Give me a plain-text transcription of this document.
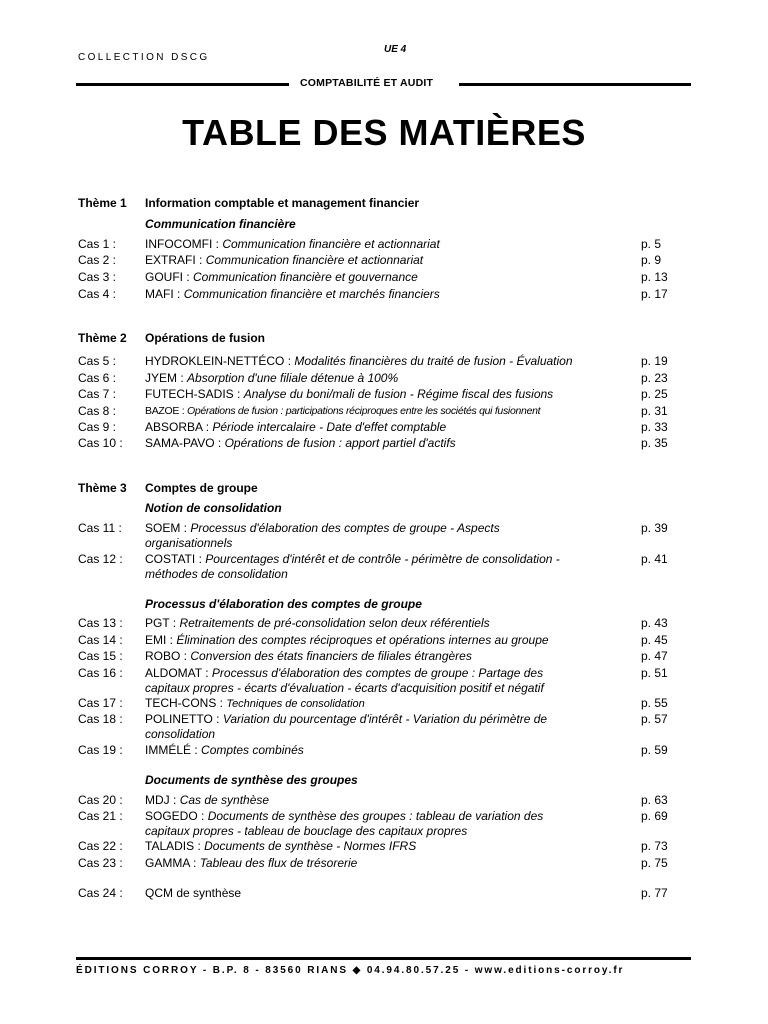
COLLECTION DSCG
UE 4
COMPTABILITÉ ET AUDIT
TABLE DES MATIÈRES
Thème 1 Information comptable et management financier
Communication financière
Cas 1 : INFOCOMFI : Communication financière et actionnariat	p. 5
Cas 2 : EXTRAFI : Communication financière et actionnariat	p. 9
Cas 3 : GOUFI : Communication financière et gouvernance	p. 13
Cas 4 : MAFI : Communication financière et marchés financiers	p. 17
Thème 2 Opérations de fusion
Cas 5 : HYDROKLEIN-NETTÉCO : Modalités financières du traité de fusion - Évaluation	p. 19
Cas 6 : JYEM : Absorption d'une filiale détenue à 100%	p. 23
Cas 7 : FUTECH-SADIS : Analyse du boni/mali de fusion - Régime fiscal des fusions	p. 25
Cas 8 :	BAZOE : Opérations de fusion : participations réciproques entre les sociétés qui fusionnent	p. 31
Cas 9 : ABSORBA : Période intercalaire - Date d'effet comptable	p. 33
Cas 10 : SAMA-PAVO : Opérations de fusion : apport partiel d'actifs	p. 35
Thème 3 Comptes de groupe
Notion de consolidation
Cas 11 : SOEM : Processus d'élaboration des comptes de groupe - Aspects organisationnels
p. 39
Cas 12 : COSTATI : Pourcentages d'intérêt et de contrôle - périmètre de consolidation - méthodes de consolidation
p. 41
Processus d'élaboration des comptes de groupe
Cas 13 : PGT : Retraitements de pré-consolidation selon deux référentiels	p. 43
Cas 14 : EMI : Élimination des comptes réciproques et opérations internes au groupe	p. 45
Cas 15 : ROBO : Conversion des états financiers de filiales étrangères	p. 47
Cas 16 : ALDOMAT : Processus d'élaboration des comptes de groupe : Partage des capitaux propres - écarts d'évaluation - écarts d'acquisition positif et négatif
p. 51
Cas 17 : TECH-CONS : Techniques de consolidation	p. 55
Cas 18 : POLINETTO : Variation du pourcentage d'intérêt - Variation du périmètre de consolidation
p. 57
Cas 19 : IMMÉLÉ : Comptes combinés	p. 59
Documents de synthèse des groupes
Cas 20 : MDJ : Cas de synthèse	p. 63
Cas 21 : SOGEDO : Documents de synthèse des groupes : tableau de variation des capitaux propres - tableau de bouclage des capitaux propres
p. 69
Cas 22 : TALADIS : Documents de synthèse - Normes IFRS	p. 73
Cas 23 : GAMMA : Tableau des flux de trésorerie	p. 75
Cas 24 : QCM de synthèse	p. 77
ÉDITIONS CORROY - B.P. 8 - 83560 RIANS ◆ 04.94.80.57.25 - www.editions-corroy.fr
